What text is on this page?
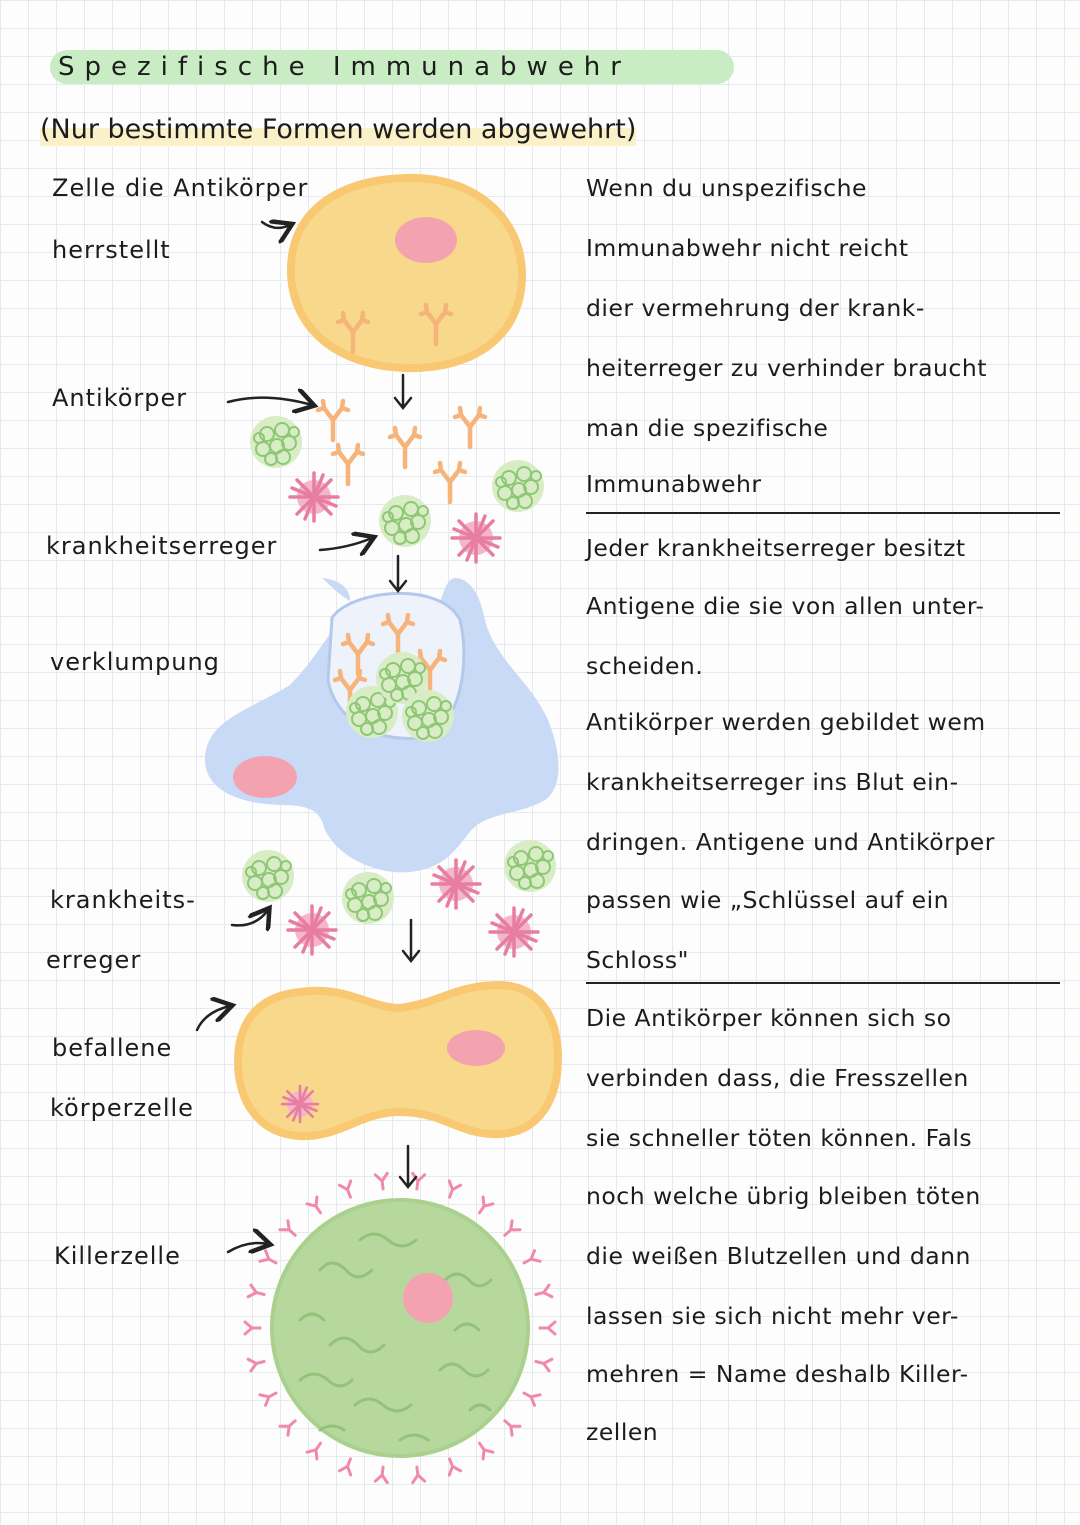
Spezifische Immunabwehr
(Nur bestimmte Formen werden abgewehrt)
Zelle die Antikörper
herrstellt
Antikörper
krankheitserreger
verklumpung
krankheits-
erreger
befallene
körperzelle
Killerzelle
Wenn du unspezifische
Immunabwehr nicht reicht
dier vermehrung der krank-
heiterreger zu verhinder braucht
man die spezifische
Immunabwehr
Jeder krankheitserreger besitzt
Antigene die sie von allen unter-
scheiden.
Antikörper werden gebildet wem
krankheitserreger ins Blut ein-
dringen. Antigene und Antikörper
passen wie „Schlüssel auf ein
Schloss"
Die Antikörper können sich so
verbinden dass, die Fresszellen
sie schneller töten können. Fals
noch welche übrig bleiben töten
die weißen Blutzellen und dann
lassen sie sich nicht mehr ver-
mehren = Name deshalb Killer-
zellen
